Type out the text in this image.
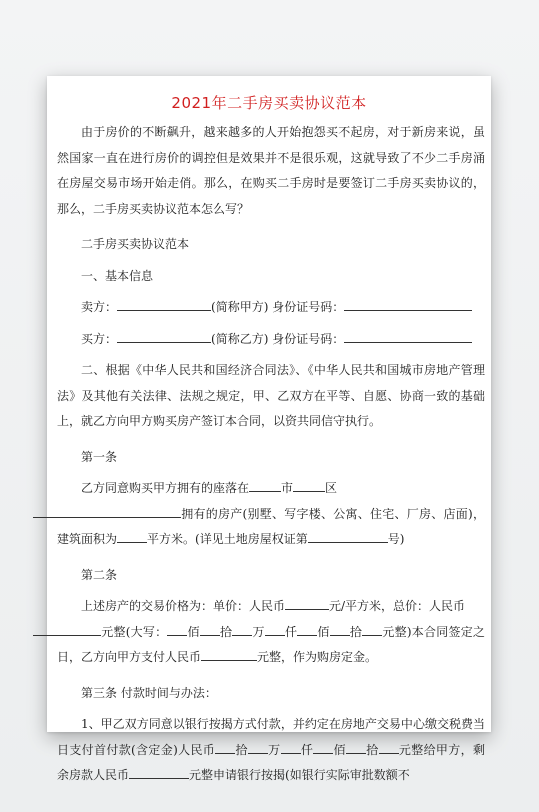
2021年二手房买卖协议范本

由于房价的不断飙升，越来越多的人开始抱怨买不起房，对于新房来说，虽然国家一直在进行房价的调控但是效果并不是很乐观，这就导致了不少二手房涌在房屋交易市场开始走俏。那么，在购买二手房时是要签订二手房买卖协议的，那么，二手房买卖协议范本怎么写？

二手房买卖协议范本

一、基本信息

卖方：	(简称甲方) 身份证号码：

买方：	(简称乙方) 身份证号码：

二、根据《中华人民共和国经济合同法》、《中华人民共和国城市房地产管理法》及其他有关法律、法规之规定，甲、乙双方在平等、自愿、协商一致的基础上，就乙方向甲方购买房产签订本合同，以资共同信守执行。

第一条

乙方同意购买甲方拥有的座落在	市	区
拥有的房产(别墅、写字楼、公寓、住宅、厂房、店面)，建筑面积为	平方米。(详见土地房屋权证第	号)

第二条

上述房产的交易价格为：单价：人民币	元/平方米，总价：人民币
元整(大写： 佰 拾 万 仟 佰 拾 元整)本合同签定之日，乙方向甲方支付人民币	元整，作为购房定金。

第三条 付款时间与办法：

1、甲乙双方同意以银行按揭方式付款，并约定在房地产交易中心缴交税费当日支付首付款(含定金)人民币 拾 万 仟 佰 拾 元整给甲方，剩余房款人民币	元整申请银行按揭(如银行实际审批数额不
